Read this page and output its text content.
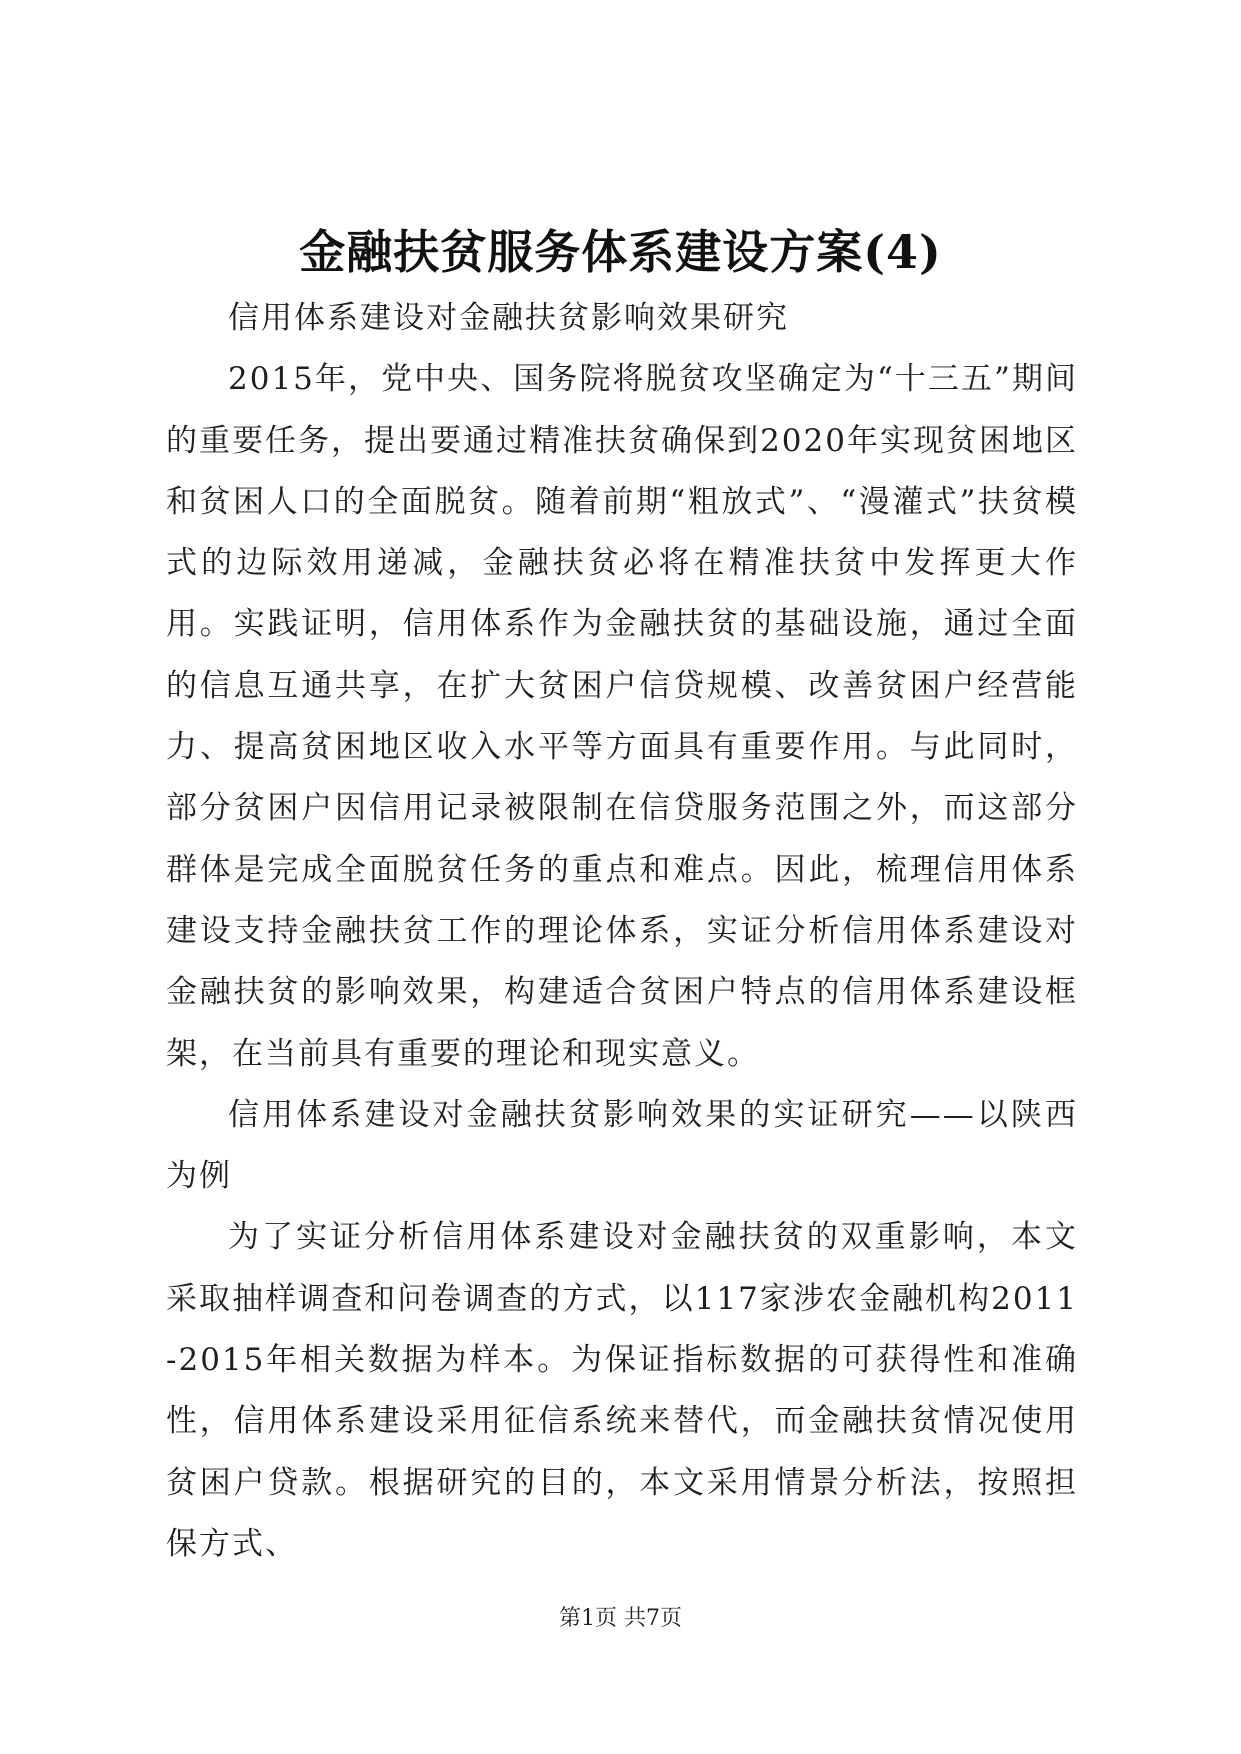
金融扶贫服务体系建设方案(4)

信用体系建设对金融扶贫影响效果研究

2015年，党中央、国务院将脱贫攻坚确定为“十三五”期间的重要任务，提出要通过精准扶贫确保到2020年实现贫困地区和贫困人口的全面脱贫。随着前期“粗放式”、“漫灌式”扶贫模式的边际效用递减，金融扶贫必将在精准扶贫中发挥更大作用。实践证明，信用体系作为金融扶贫的基础设施，通过全面的信息互通共享，在扩大贫困户信贷规模、改善贫困户经营能力、提高贫困地区收入水平等方面具有重要作用。与此同时，部分贫困户因信用记录被限制在信贷服务范围之外，而这部分群体是完成全面脱贫任务的重点和难点。因此，梳理信用体系建设支持金融扶贫工作的理论体系，实证分析信用体系建设对金融扶贫的影响效果，构建适合贫困户特点的信用体系建设框架，在当前具有重要的理论和现实意义。

信用体系建设对金融扶贫影响效果的实证研究——以陕西为例

为了实证分析信用体系建设对金融扶贫的双重影响，本文采取抽样调查和问卷调查的方式，以117家涉农金融机构2011-2015年相关数据为样本。为保证指标数据的可获得性和准确性，信用体系建设采用征信系统来替代，而金融扶贫情况使用贫困户贷款。根据研究的目的，本文采用情景分析法，按照担保方式、

第1页 共7页
